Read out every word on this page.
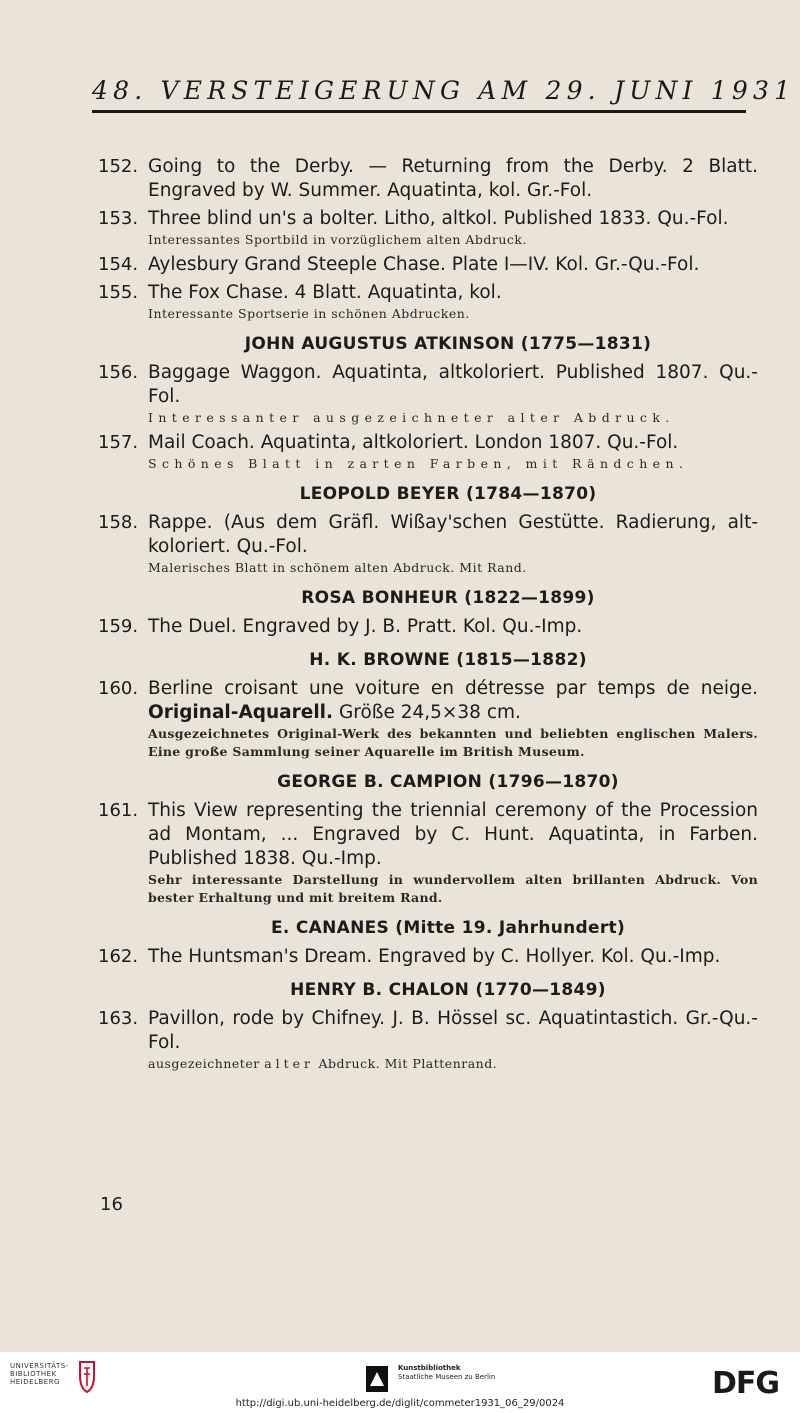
48. VERSTEIGERUNG AM 29. JUNI 1931
152. Going to the Derby. — Returning from the Derby. 2 Blatt. Engraved by W. Summer. Aquatinta, kol. Gr.-Fol.
153. Three blind un's a bolter. Litho, altkol. Published 1833. Qu.-Fol.
Interessantes Sportbild in vorzüglichem alten Abdruck.
154. Aylesbury Grand Steeple Chase. Plate I—IV. Kol. Gr.-Qu.-Fol.
155. The Fox Chase. 4 Blatt. Aquatinta, kol.
Interessante Sportserie in schönen Abdrucken.
JOHN AUGUSTUS ATKINSON (1775—1831)
156. Baggage Waggon. Aquatinta, altkoloriert. Published 1807. Qu.-Fol.
Interessanter ausgezeichneter alter Abdruck.
157. Mail Coach. Aquatinta, altkoloriert. London 1807. Qu.-Fol.
Schönes Blatt in zarten Farben, mit Rändchen.
LEOPOLD BEYER (1784—1870)
158. Rappe. (Aus dem Gräfl. Wißay'schen Gestütte. Radierung, alt-koloriert. Qu.-Fol.
Malerisches Blatt in schönem alten Abdruck. Mit Rand.
ROSA BONHEUR (1822—1899)
159. The Duel. Engraved by J. B. Pratt. Kol. Qu.-Imp.
H. K. BROWNE (1815—1882)
160. Berline croisant une voiture en détresse par temps de neige. Original-Aquarell. Größe 24,5×38 cm.
Ausgezeichnetes Original-Werk des bekannten und beliebten englischen Malers. Eine große Sammlung seiner Aquarelle im British Museum.
GEORGE B. CAMPION (1796—1870)
161. This View representing the triennial ceremony of the Procession ad Montam, ... Engraved by C. Hunt. Aquatinta, in Farben. Published 1838. Qu.-Imp.
Sehr interessante Darstellung in wundervollem alten brillanten Abdruck. Von bester Erhaltung und mit breitem Rand.
E. CANANES (Mitte 19. Jahrhundert)
162. The Huntsman's Dream. Engraved by C. Hollyer. Kol. Qu.-Imp.
HENRY B. CHALON (1770—1849)
163. Pavillon, rode by Chifney. J. B. Hössel sc. Aquatintastich. Gr.-Qu.-Fol.
ausgezeichneter alter Abdruck. Mit Plattenrand.
16
UNIVERSITÄTS-
BIBLIOTHEK
HEIDELBERG
Kunstbibliothek
Staatliche Museen zu Berlin	DFG
http://digi.ub.uni-heidelberg.de/diglit/commeter1931_06_29/0024
